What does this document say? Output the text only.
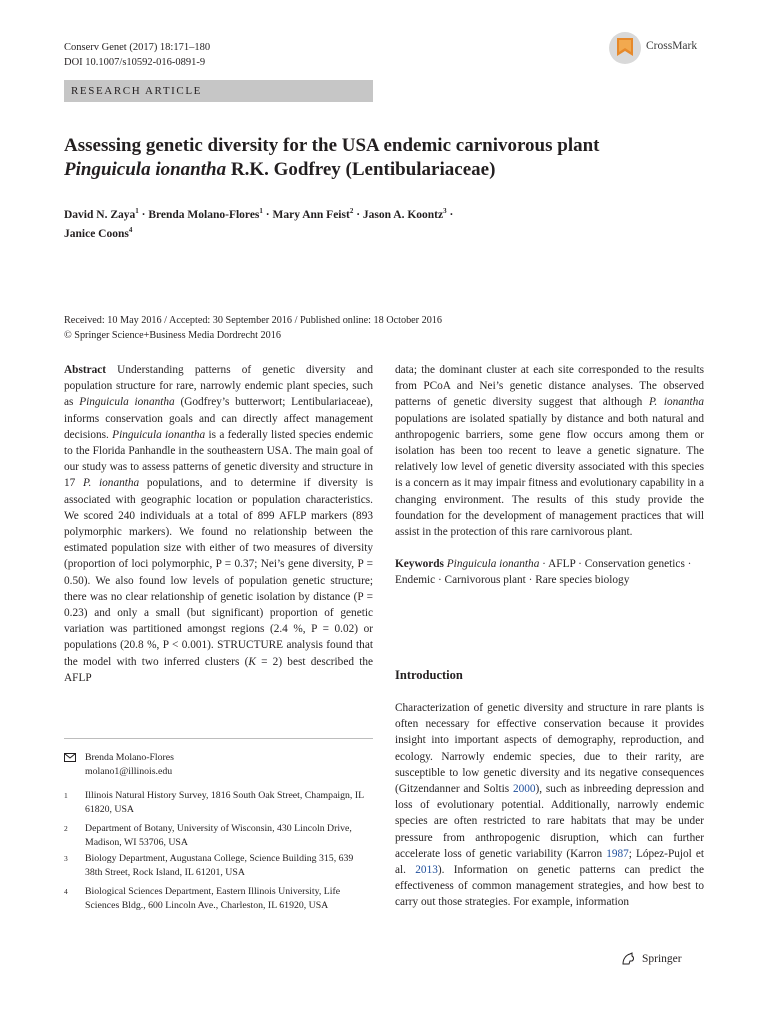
Conserv Genet (2017) 18:171–180
DOI 10.1007/s10592-016-0891-9
CrossMark
RESEARCH ARTICLE
Assessing genetic diversity for the USA endemic carnivorous plant
Pinguicula ionantha R.K. Godfrey (Lentibulariaceae)
David N. Zaya$^1$ · Brenda Molano-Flores$^1$ · Mary Ann Feist$^2$ · Jason A. Koontz$^3$ ·
Janice Coons$^4$
Received: 10 May 2016 / Accepted: 30 September 2016 / Published online: 18 October 2016
© Springer Science+Business Media Dordrecht 2016
Abstract Understanding patterns of genetic diversity and population structure for rare, narrowly endemic plant species, such as Pinguicula ionantha (Godfrey’s butterwort; Lentibulariaceae), informs conservation goals and can directly affect management decisions. Pinguicula ionantha is a federally listed species endemic to the Florida Panhandle in the southeastern USA. The main goal of our study was to assess patterns of genetic diversity and structure in 17 P. ionantha populations, and to determine if diversity is associated with geographic location or population characteristics. We scored 240 individuals at a total of 899 AFLP markers (893 polymorphic markers). We found no relationship between the estimated population size with either of two measures of diversity (proportion of loci polymorphic, P = 0.37; Nei’s gene diversity, P = 0.50). We also found low levels of population genetic structure; there was no clear relationship of genetic isolation by distance (P = 0.23) and only a small (but significant) proportion of genetic variation was partitioned amongst regions (2.4 %, P = 0.02) or populations (20.8 %, P < 0.001). STRUCTURE analysis found that the model with two inferred clusters (K = 2) best described the AFLP
data; the dominant cluster at each site corresponded to the results from PCoA and Nei’s genetic distance analyses. The observed patterns of genetic diversity suggest that although P. ionantha populations are isolated spatially by distance and both natural and anthropogenic barriers, some gene flow occurs among them or isolation has been too recent to leave a genetic signature. The relatively low level of genetic diversity associated with this species is a concern as it may impair fitness and evolutionary capability in a changing environment. The results of this study provide the foundation for the development of management practices that will assist in the protection of this rare carnivorous plant.
Keywords Pinguicula ionantha · AFLP · Conservation genetics · Endemic · Carnivorous plant · Rare species biology
Introduction
Characterization of genetic diversity and structure in rare plants is often necessary for effective conservation because it provides insight into important aspects of demography, reproduction, and ecology. Narrowly endemic species, due to their rarity, are susceptible to low genetic diversity and its negative consequences (Gitzendanner and Soltis 2000), such as inbreeding depression and loss of evolutionary potential. Additionally, narrowly endemic species are often restricted to rare habitats that may be under pressure from anthropogenic disruption, which can further accelerate loss of genetic variability (Karron 1987; López-Pujol et al. 2013). Information on genetic patterns can predict the effectiveness of common management strategies, and how best to carry out those strategies. For example, information
Brenda Molano-Flores
molano1@illinois.edu
1 Illinois Natural History Survey, 1816 South Oak Street, Champaign, IL 61820, USA
2 Department of Botany, University of Wisconsin, 430 Lincoln Drive, Madison, WI 53706, USA
3 Biology Department, Augustana College, Science Building 315, 639 38th Street, Rock Island, IL 61201, USA
4 Biological Sciences Department, Eastern Illinois University, Life Sciences Bldg., 600 Lincoln Ave., Charleston, IL 61920, USA
Springer
